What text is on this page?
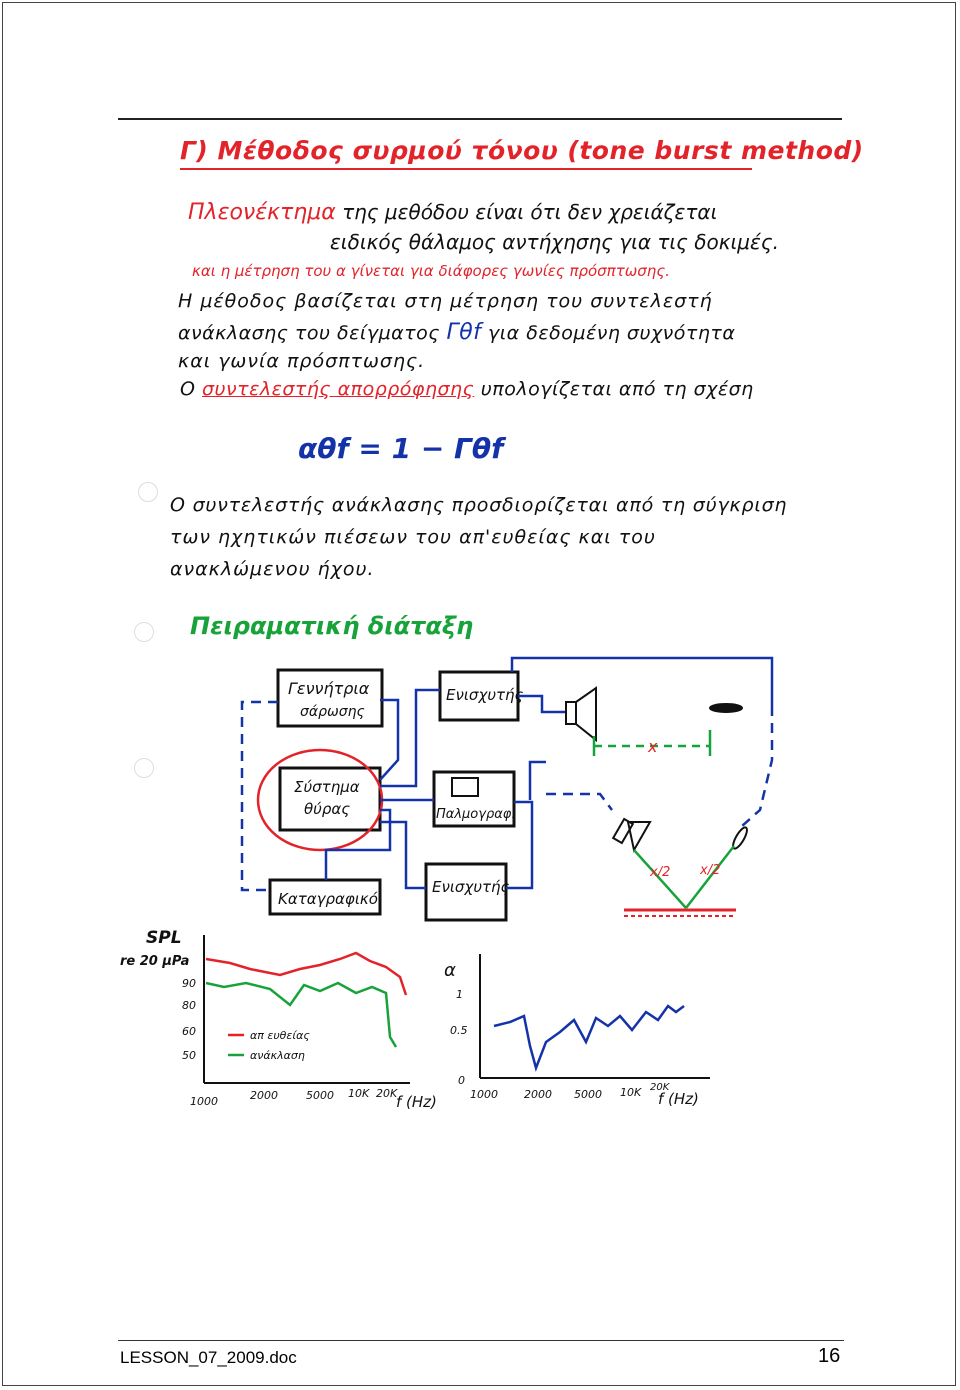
Γ) Μέθοδος συρμού τόνου (tone burst method)
Πλεονέκτημα της μεθόδου είναι ότι δεν χρειάζεται
ειδικός θάλαμος αντήχησης για τις δοκιμές.
και η μέτρηση του α γίνεται για διάφορες γωνίες πρόσπτωσης.
Η μέθοδος βασίζεται στη μέτρηση του συντελεστή
ανάκλασης του δείγματος Γθf για δεδομένη συχνότητα
και γωνία πρόσπτωσης.
Ο συντελεστής απορρόφησης υπολογίζεται από τη σχέση
αθf = 1 − Γθf
Ο συντελεστής ανάκλασης προσδιορίζεται από τη σύγκριση
των ηχητικών πιέσεων του απ'ευθείας και του
ανακλώμενου ήχου.
Πειραματική διάταξη
Γεννήτρια
σάρωσης
Ενισχυτής
Σύστημα
θύρας	Παλμογραφ.
Καταγραφικό
Ενισχυτής
x
x/2 x/2
SPL
re 20 μPa
90
80
60
50
απ ευθείας
ανάκλαση
1000	2000	5000 10K 20K
f (Hz)
α
1
0.5
0
1000 2000 5000 10K 20K
f (Hz)
LESSON_07_2009.doc	16
